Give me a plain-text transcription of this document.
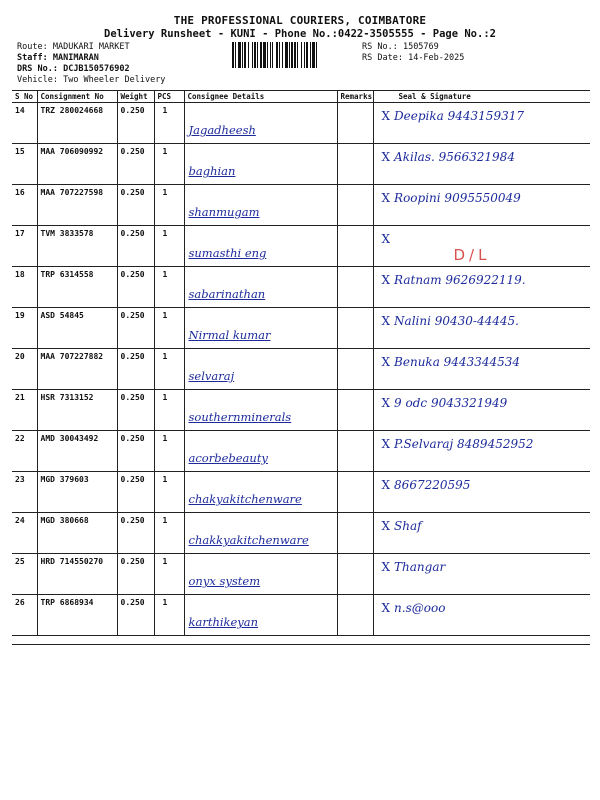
THE PROFESSIONAL COURIERS, COIMBATORE
Delivery Runsheet - KUNI - Phone No.:0422-3505555 - Page No.:2
Route: MADUKARI MARKET
Staff: MANIMARAN
DRS No.: DCJB150576902
Vehicle: Two Wheeler Delivery
RS No.: 1505769
RS Date: 14-Feb-2025
S No	Consignment No	Weight	PCS	Consignee Details	Remarks	Seal & Signature
14	TRZ 280024668	0.250	1	Jagadheesh		X Deepika 9443159317

15	MAA 706090992	0.250	1	baghian		X Akilas. 9566321984

16	MAA 707227598	0.250	1	shanmugam		X Roopini 9095550049

17	TVM 3833578	0.250	1	sumasthi eng		X
D/L

18	TRP 6314558	0.250	1	sabarinathan		X Ratnam 9626922119.

19	ASD 54845	0.250	1	Nirmal kumar		X Nalini 90430-44445.

20	MAA 707227882	0.250	1	selvaraj		X Benuka 9443344534

21	HSR 7313152	0.250	1	southernminerals		X 9 odc 9043321949

22	AMD 30043492	0.250	1	acorbebeauty		X P.Selvaraj 8489452952

23	MGD 379603	0.250	1	chakyakitchenware		X 8667220595

24	MGD 380668	0.250	1	chakkyakitchenware		X Shaf

25	HRD 714550270	0.250	1	onyx system		X Thangar

26	TRP 6868934	0.250	1	karthikeyan		X n.s@ooo
